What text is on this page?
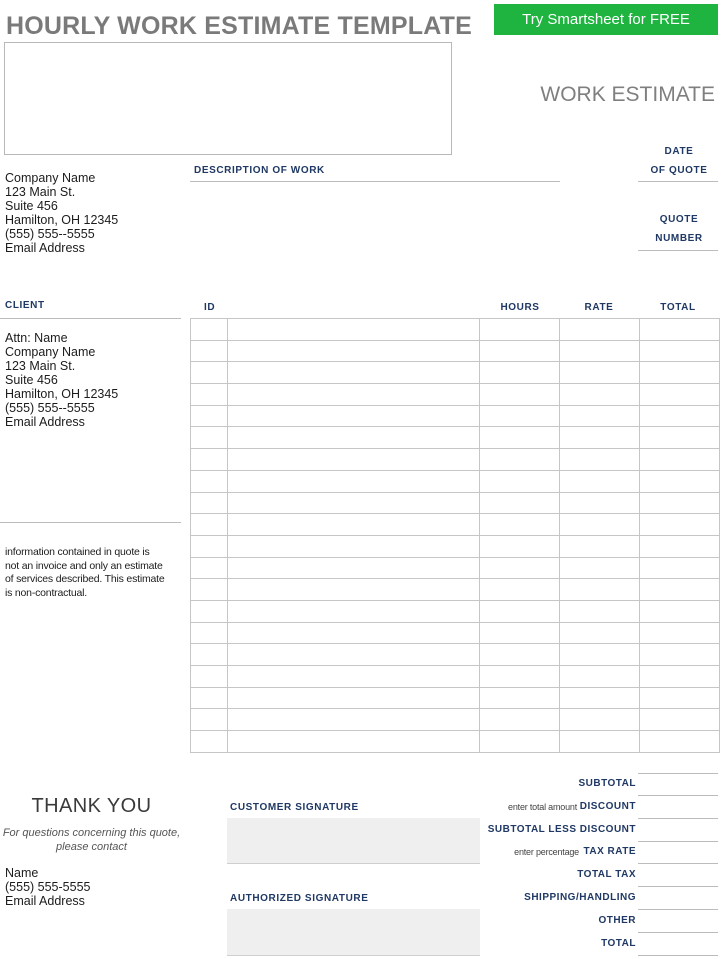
HOURLY WORK ESTIMATE TEMPLATE	Try Smartsheet for FREE
WORK ESTIMATE
DATE
OF QUOTE
QUOTE
NUMBER
DESCRIPTION OF WORK
Company Name
123 Main St.
Suite 456
Hamilton, OH 12345
(555) 555--5555
Email Address
CLIENT
Attn: Name
Company Name
123 Main St.
Suite 456
Hamilton, OH 12345
(555) 555--5555
Email Address
information contained in quote is
not an invoice and only an estimate
of services described. This estimate
is non-contractual.
ID	HOURS	RATE	TOTAL

SUBTOTAL
DISCOUNT
enter total amount
SUBTOTAL LESS DISCOUNT
TAX RATE
enter percentage
TOTAL TAX
SHIPPING/HANDLING
OTHER
TOTAL
CUSTOMER SIGNATURE
AUTHORIZED SIGNATURE
THANK YOU
For questions concerning this quote,
please contact
Name
(555) 555-5555
Email Address
